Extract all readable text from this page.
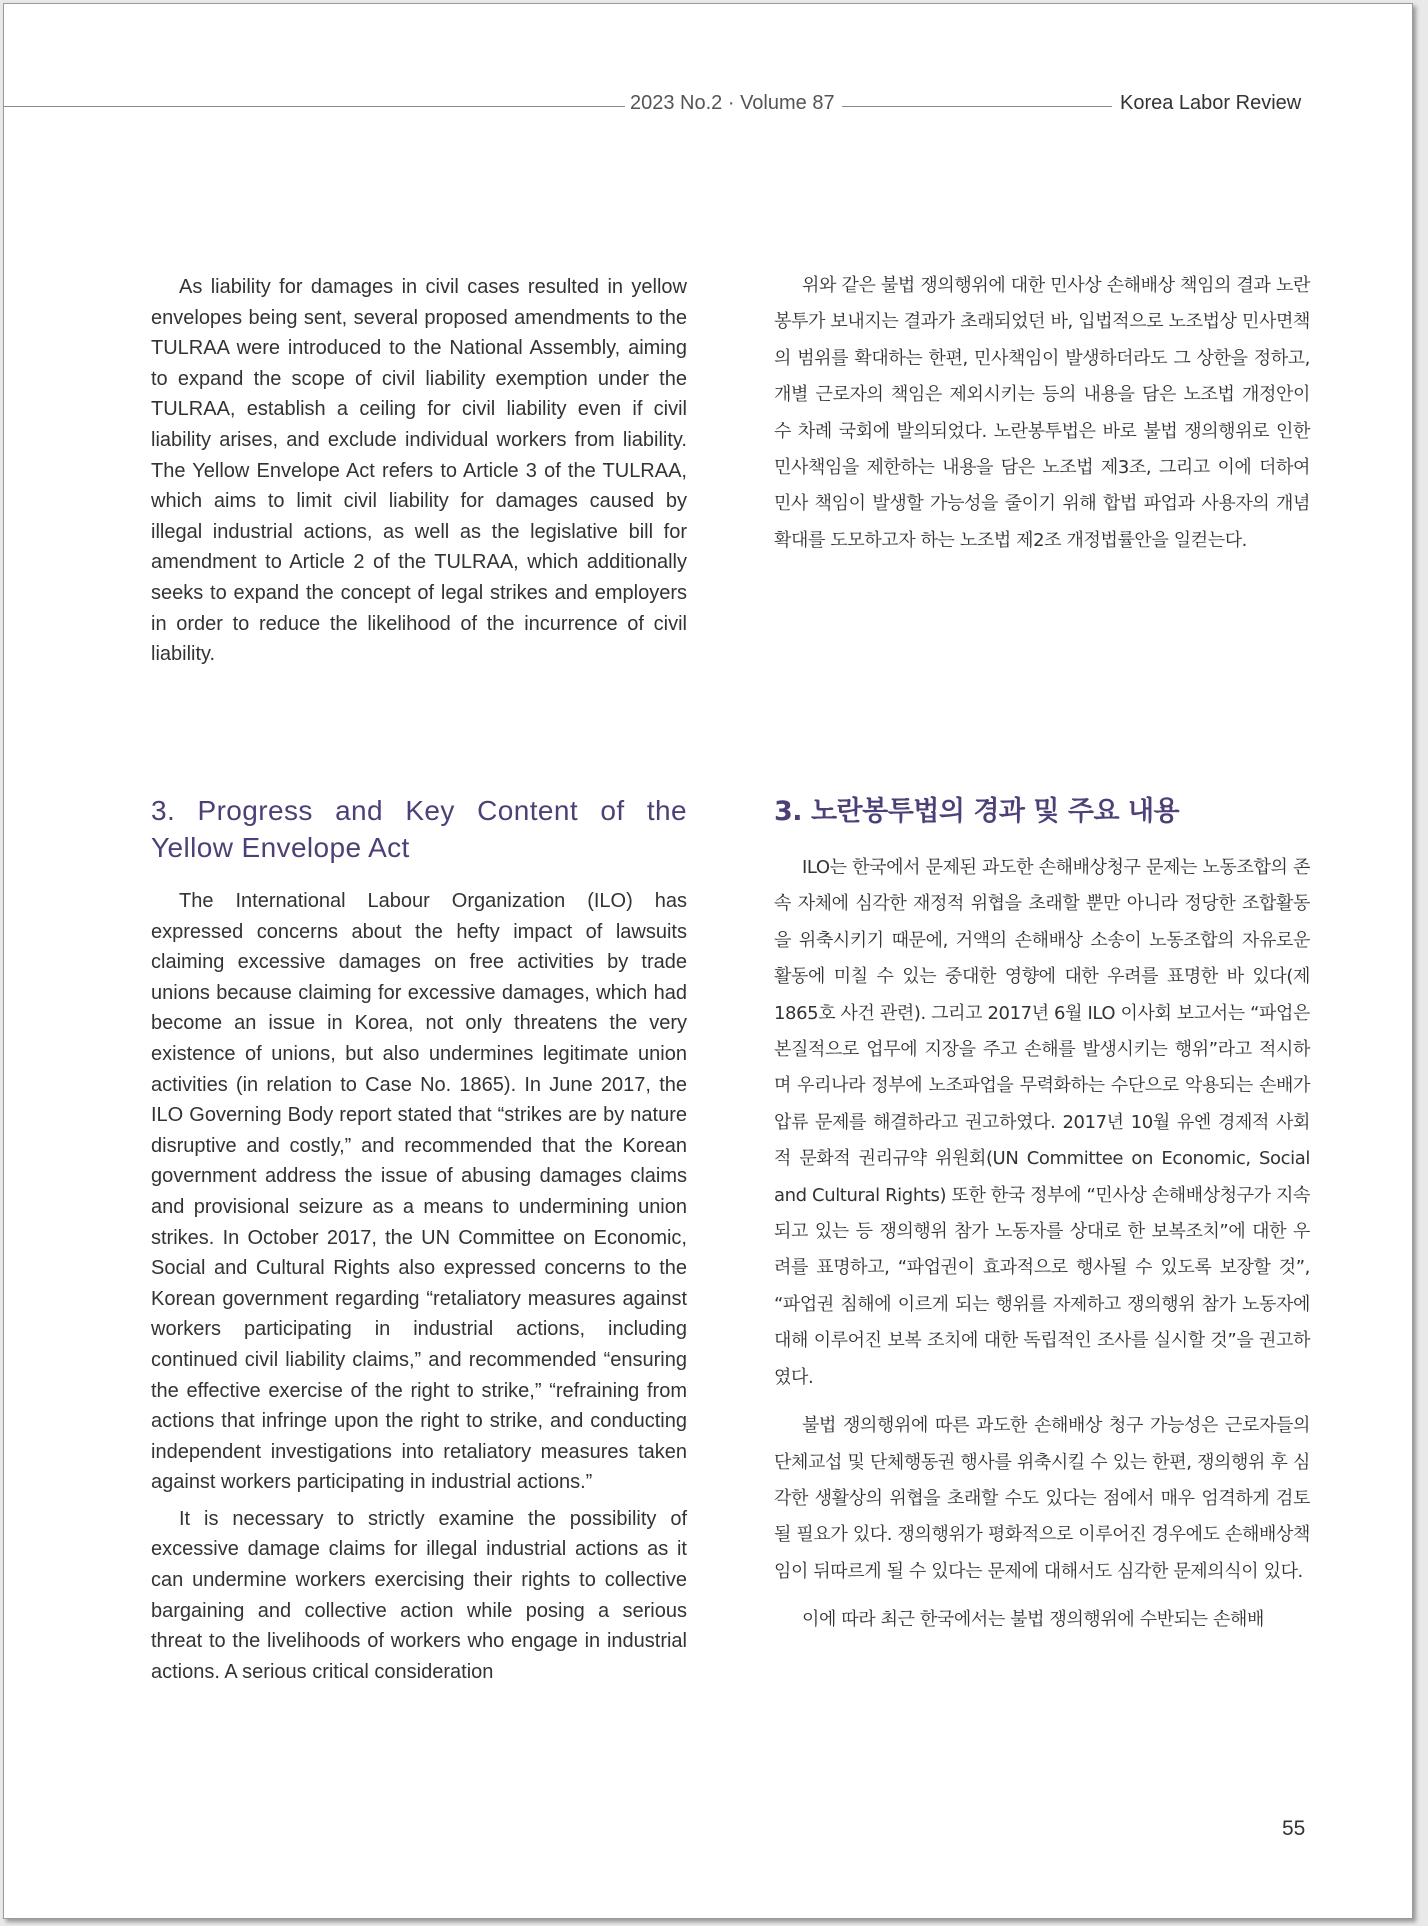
2023 No.2 · Volume 87	Korea Labor Review

As liability for damages in civil cases resulted in yellow envelopes being sent, several proposed amendments to the TULRAA were introduced to the National Assembly, aiming to expand the scope of civil liability exemption under the TULRAA, establish a ceiling for civil liability even if civil liability arises, and exclude individual workers from liability. The Yellow Envelope Act refers to Article 3 of the TULRAA, which aims to limit civil liability for damages caused by illegal industrial actions, as well as the legislative bill for amendment to Article 2 of the TULRAA, which additionally seeks to expand the concept of legal strikes and employers in order to reduce the likelihood of the incurrence of civil liability.

3. Progress and Key Content of the Yellow Envelope Act

The International Labour Organization (ILO) has expressed concerns about the hefty impact of lawsuits claiming excessive damages on free activities by trade unions because claiming for excessive damages, which had become an issue in Korea, not only threatens the very existence of unions, but also undermines legitimate union activities (in relation to Case No. 1865). In June 2017, the ILO Governing Body report stated that “strikes are by nature disruptive and costly,” and recommended that the Korean government address the issue of abusing damages claims and provisional seizure as a means to undermining union strikes. In October 2017, the UN Committee on Economic, Social and Cultural Rights also expressed concerns to the Korean government regarding “retaliatory measures against workers participating in industrial actions, including continued civil liability claims,” and recommended “ensuring the effective exercise of the right to strike,” “refraining from actions that infringe upon the right to strike, and conducting independent investigations into retaliatory measures taken against workers participating in industrial actions.”

It is necessary to strictly examine the possibility of excessive damage claims for illegal industrial actions as it can undermine workers exercising their rights to collective bargaining and collective action while posing a serious threat to the livelihoods of workers who engage in industrial actions. A serious critical consideration

위와 같은 불법 쟁의행위에 대한 민사상 손해배상 책임의 결과 노란봉투가 보내지는 결과가 초래되었던 바, 입법적으로 노조법상 민사면책의 범위를 확대하는 한편, 민사책임이 발생하더라도 그 상한을 정하고, 개별 근로자의 책임은 제외시키는 등의 내용을 담은 노조법 개정안이 수 차례 국회에 발의되었다. 노란봉투법은 바로 불법 쟁의행위로 인한 민사책임을 제한하는 내용을 담은 노조법 제3조, 그리고 이에 더하여 민사 책임이 발생할 가능성을 줄이기 위해 합법 파업과 사용자의 개념 확대를 도모하고자 하는 노조법 제2조 개정법률안을 일컫는다.

3. 노란봉투법의 경과 및 주요 내용

ILO는 한국에서 문제된 과도한 손해배상청구 문제는 노동조합의 존속 자체에 심각한 재정적 위협을 초래할 뿐만 아니라 정당한 조합활동을 위축시키기 때문에, 거액의 손해배상 소송이 노동조합의 자유로운 활동에 미칠 수 있는 중대한 영향에 대한 우려를 표명한 바 있다(제1865호 사건 관련). 그리고 2017년 6월 ILO 이사회 보고서는 “파업은 본질적으로 업무에 지장을 주고 손해를 발생시키는 행위”라고 적시하며 우리나라 정부에 노조파업을 무력화하는 수단으로 악용되는 손배가압류 문제를 해결하라고 권고하였다. 2017년 10월 유엔 경제적 사회적 문화적 권리규약 위원회(UN Committee on Economic, Social and Cultural Rights) 또한 한국 정부에 “민사상 손해배상청구가 지속되고 있는 등 쟁의행위 참가 노동자를 상대로 한 보복조치”에 대한 우려를 표명하고, “파업권이 효과적으로 행사될 수 있도록 보장할 것”, “파업권 침해에 이르게 되는 행위를 자제하고 쟁의행위 참가 노동자에 대해 이루어진 보복 조치에 대한 독립적인 조사를 실시할 것”을 권고하였다.

불법 쟁의행위에 따른 과도한 손해배상 청구 가능성은 근로자들의 단체교섭 및 단체행동권 행사를 위축시킬 수 있는 한편, 쟁의행위 후 심각한 생활상의 위협을 초래할 수도 있다는 점에서 매우 엄격하게 검토될 필요가 있다. 쟁의행위가 평화적으로 이루어진 경우에도 손해배상책임이 뒤따르게 될 수 있다는 문제에 대해서도 심각한 문제의식이 있다.

이에 따라 최근 한국에서는 불법 쟁의행위에 수반되는 손해배

55
